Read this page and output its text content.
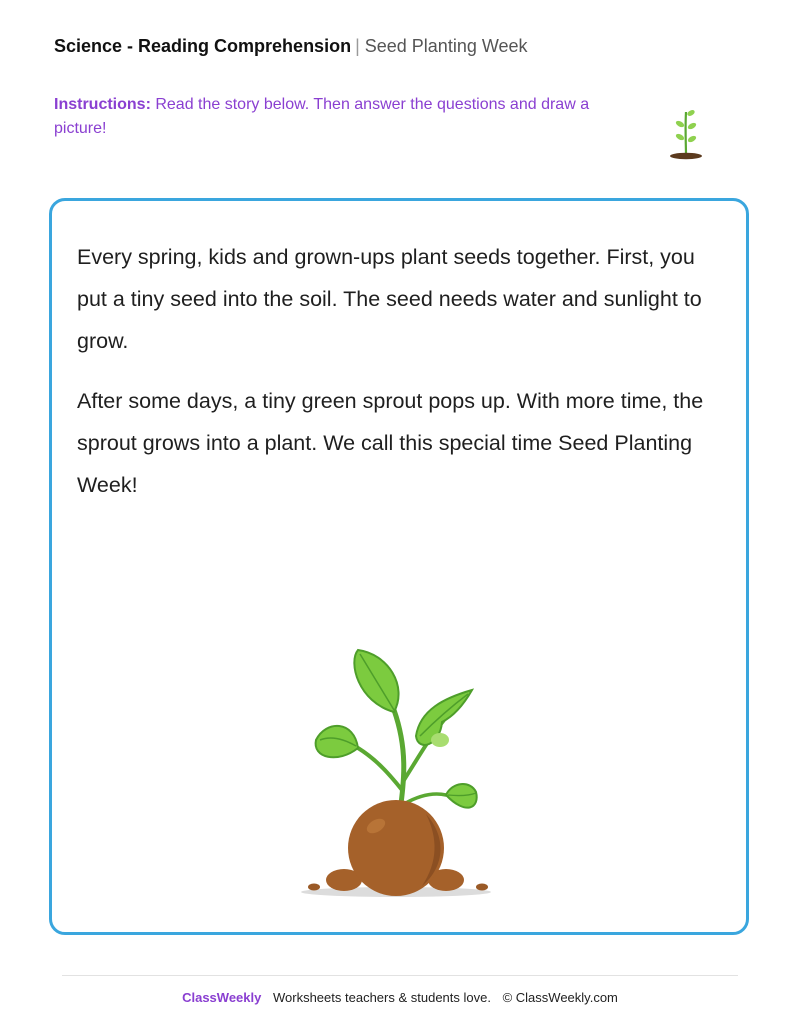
Science - Reading Comprehension | Seed Planting Week
Instructions: Read the story below. Then answer the questions and draw a picture!

Every spring, kids and grown-ups plant seeds together. First, you put a tiny seed into the soil. The seed needs water and sunlight to grow.

After some days, a tiny green sprout pops up. With more time, the sprout grows into a plant. We call this special time Seed Planting Week!

ClassWeekly Worksheets teachers & students love. © ClassWeekly.com
